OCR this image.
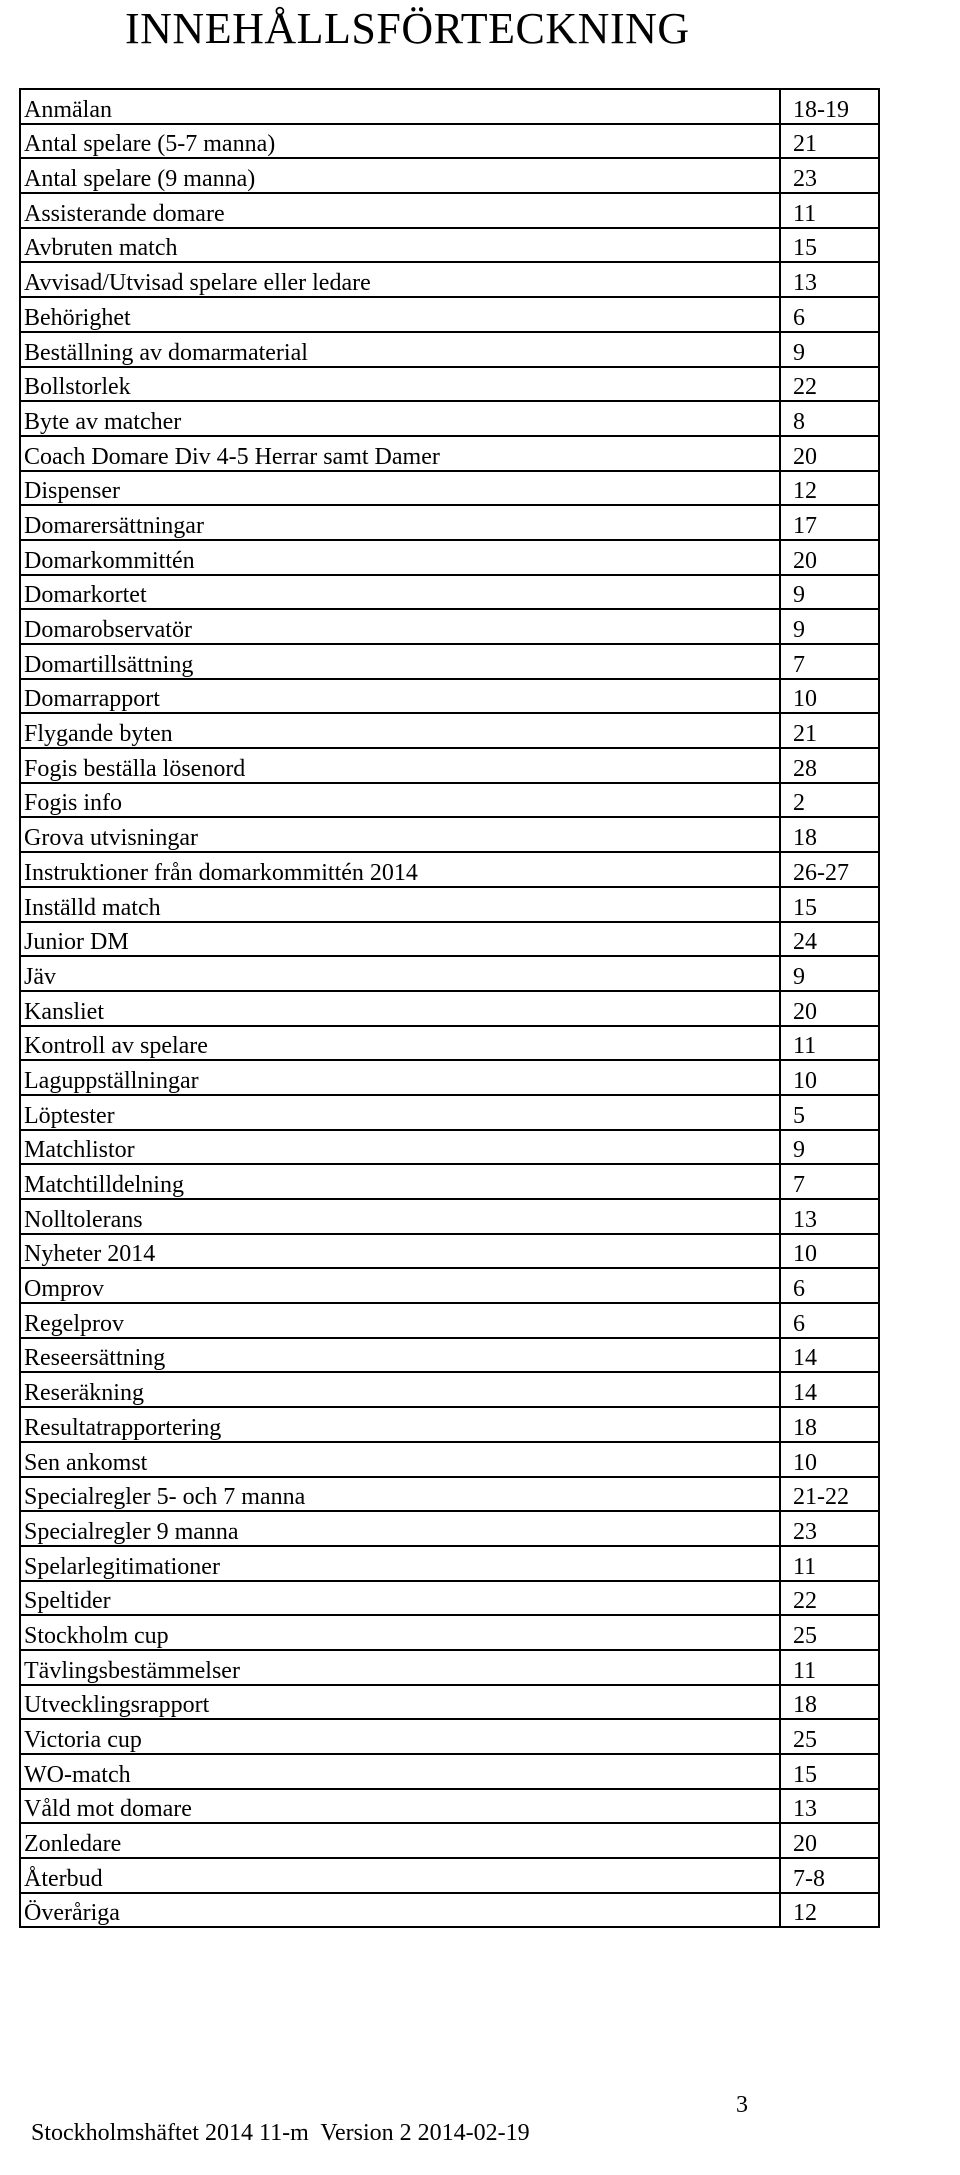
INNEHÅLLSFÖRTECKNING
Anmälan	18-19
Antal spelare (5-7 manna)	21
Antal spelare (9 manna)	23
Assisterande domare	11
Avbruten match	15
Avvisad/Utvisad spelare eller ledare	13
Behörighet	6
Beställning av domarmaterial	9
Bollstorlek	22
Byte av matcher	8
Coach Domare Div 4-5 Herrar samt Damer	20
Dispenser	12
Domarersättningar	17
Domarkommittén	20
Domarkortet	9
Domarobservatör	9
Domartillsättning	7
Domarrapport	10
Flygande byten	21
Fogis beställa lösenord	28
Fogis info	2
Grova utvisningar	18
Instruktioner från domarkommittén 2014	26-27
Inställd match	15
Junior DM	24
Jäv	9
Kansliet	20
Kontroll av spelare	11
Laguppställningar	10
Löptester	5
Matchlistor	9
Matchtilldelning	7
Nolltolerans	13
Nyheter 2014	10
Omprov	6
Regelprov	6
Reseersättning	14
Reseräkning	14
Resultatrapportering	18
Sen ankomst	10
Specialregler 5- och 7 manna	21-22
Specialregler 9 manna	23
Spelarlegitimationer	11
Speltider	22
Stockholm cup	25
Tävlingsbestämmelser	11
Utvecklingsrapport	18
Victoria cup	25
WO-match	15
Våld mot domare	13
Zonledare	20
Återbud	7-8
Överåriga	12

Stockholmshäftet 2014 11-m  Version 2 2014-02-19

3
